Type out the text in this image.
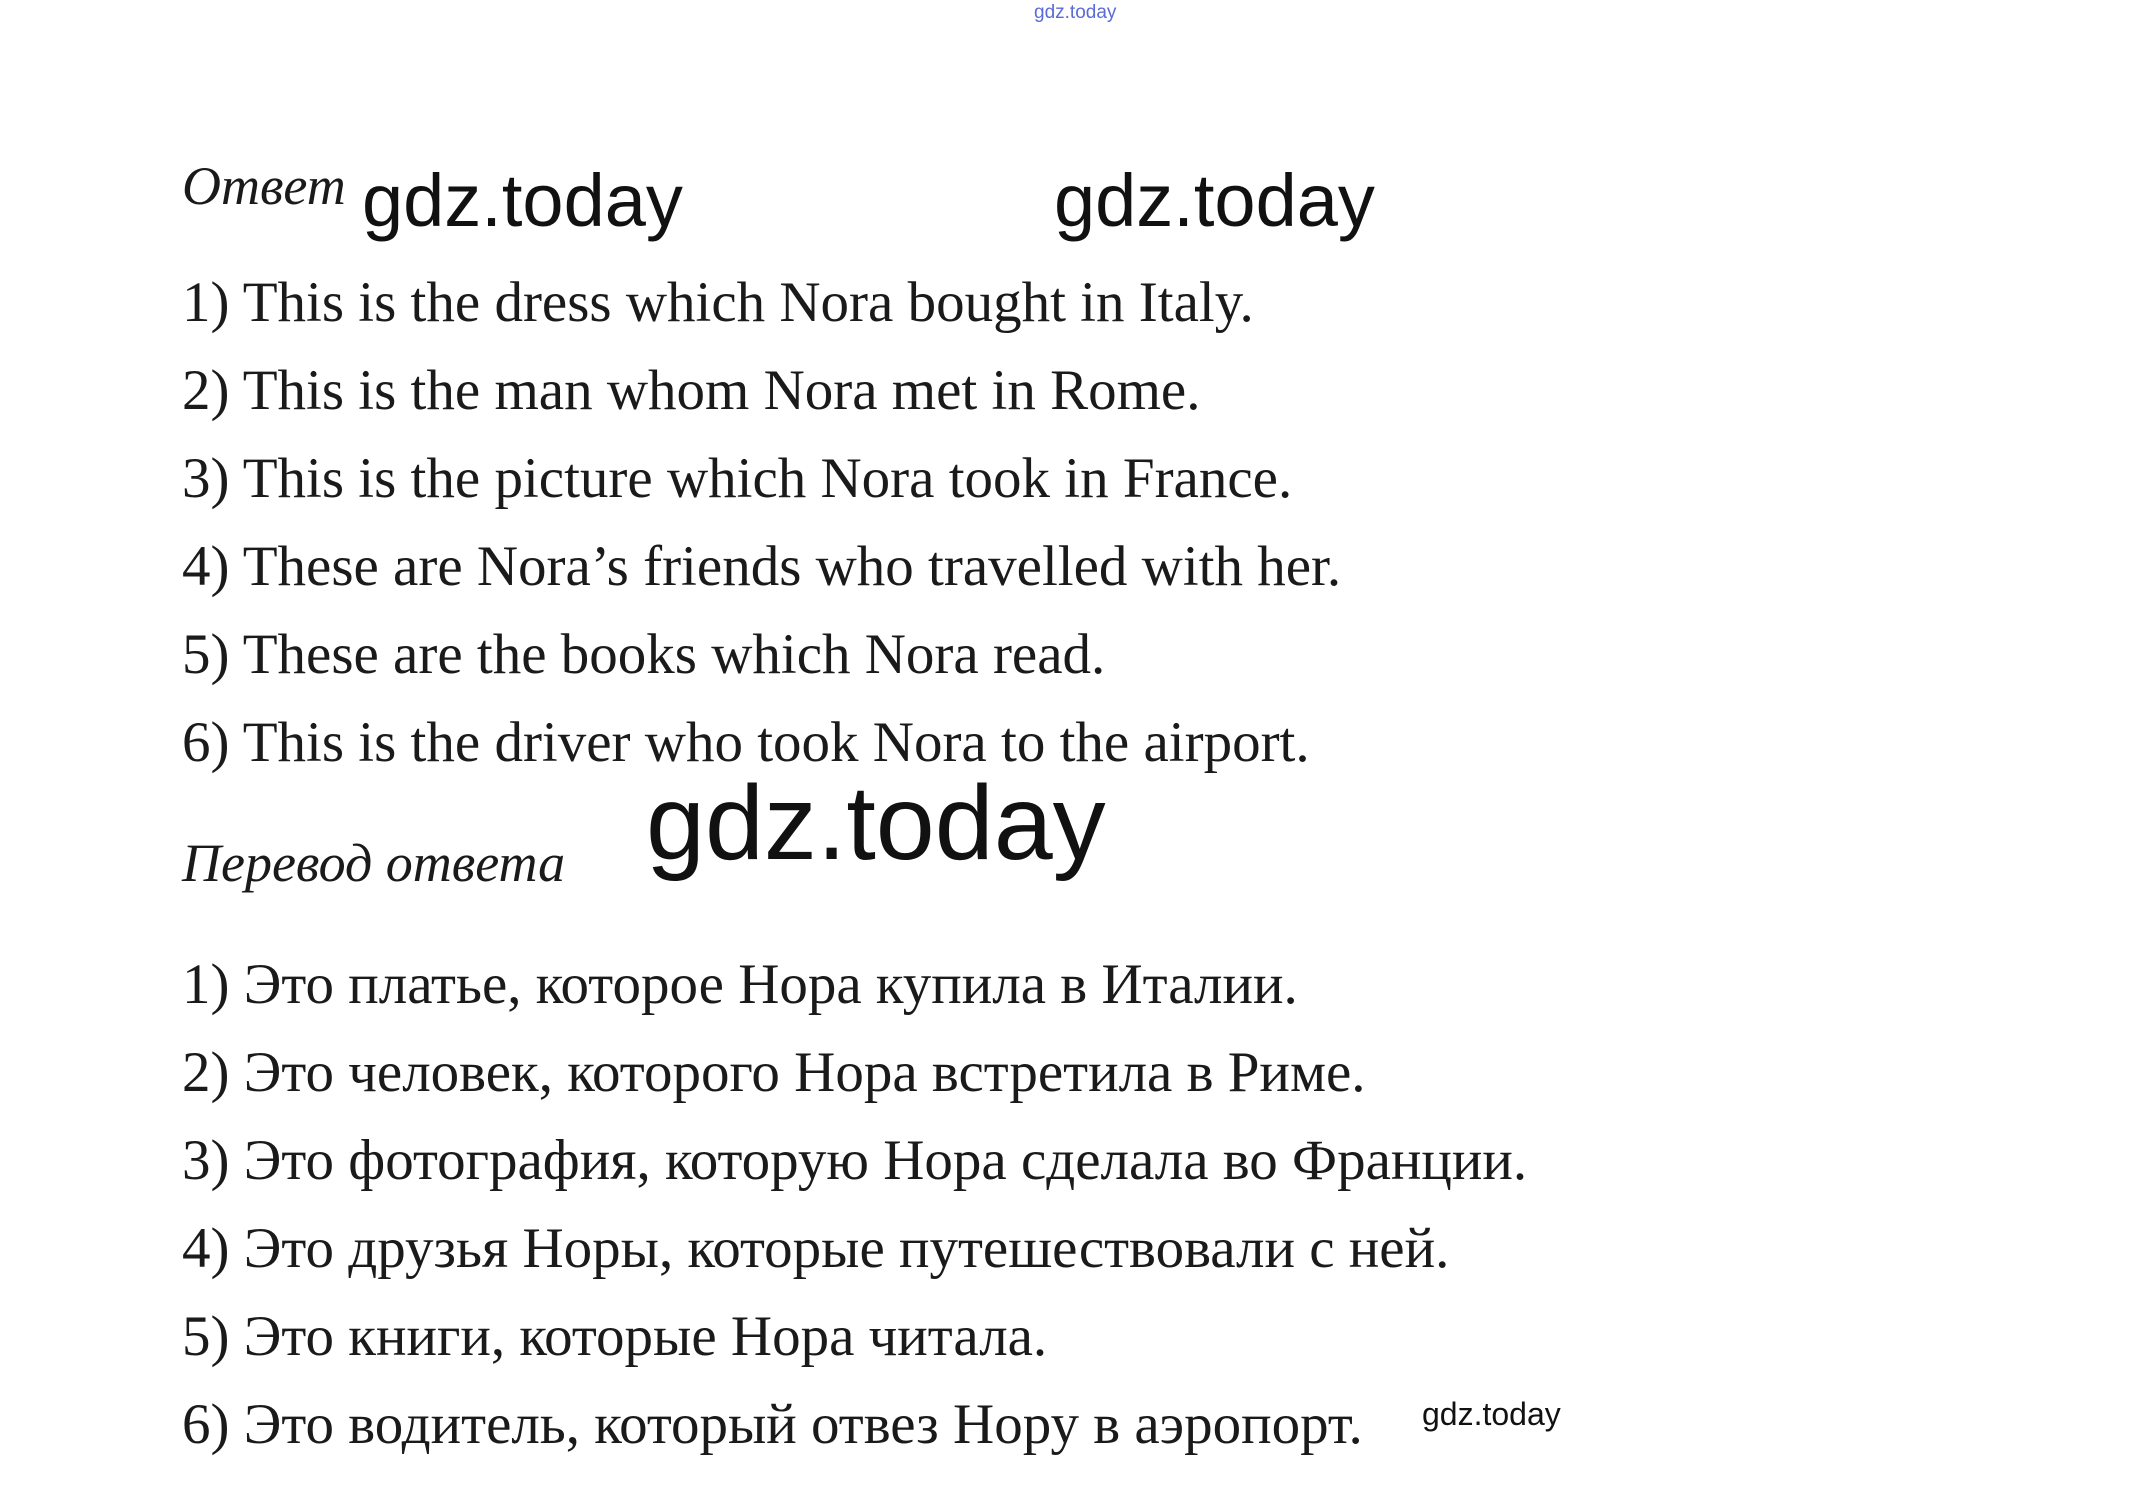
gdz.today
Ответ gdz.today	gdz.today
1) This is the dress which Nora bought in Italy.
2) This is the man whom Nora met in Rome.
3) This is the picture which Nora took in France.
4) These are Nora’s friends who travelled with her.
5) These are the books which Nora read.
6) This is the driver who took Nora to the airport.
Перевод ответа gdz.today
1) Это платье, которое Нора купила в Италии.
2) Это человек, которого Нора встретила в Риме.
3) Это фотография, которую Нора сделала во Франции.
4) Это друзья Норы, которые путешествовали с ней.
5) Это книги, которые Нора читала.
6) Это водитель, который отвез Нору в аэропорт. gdz.today
